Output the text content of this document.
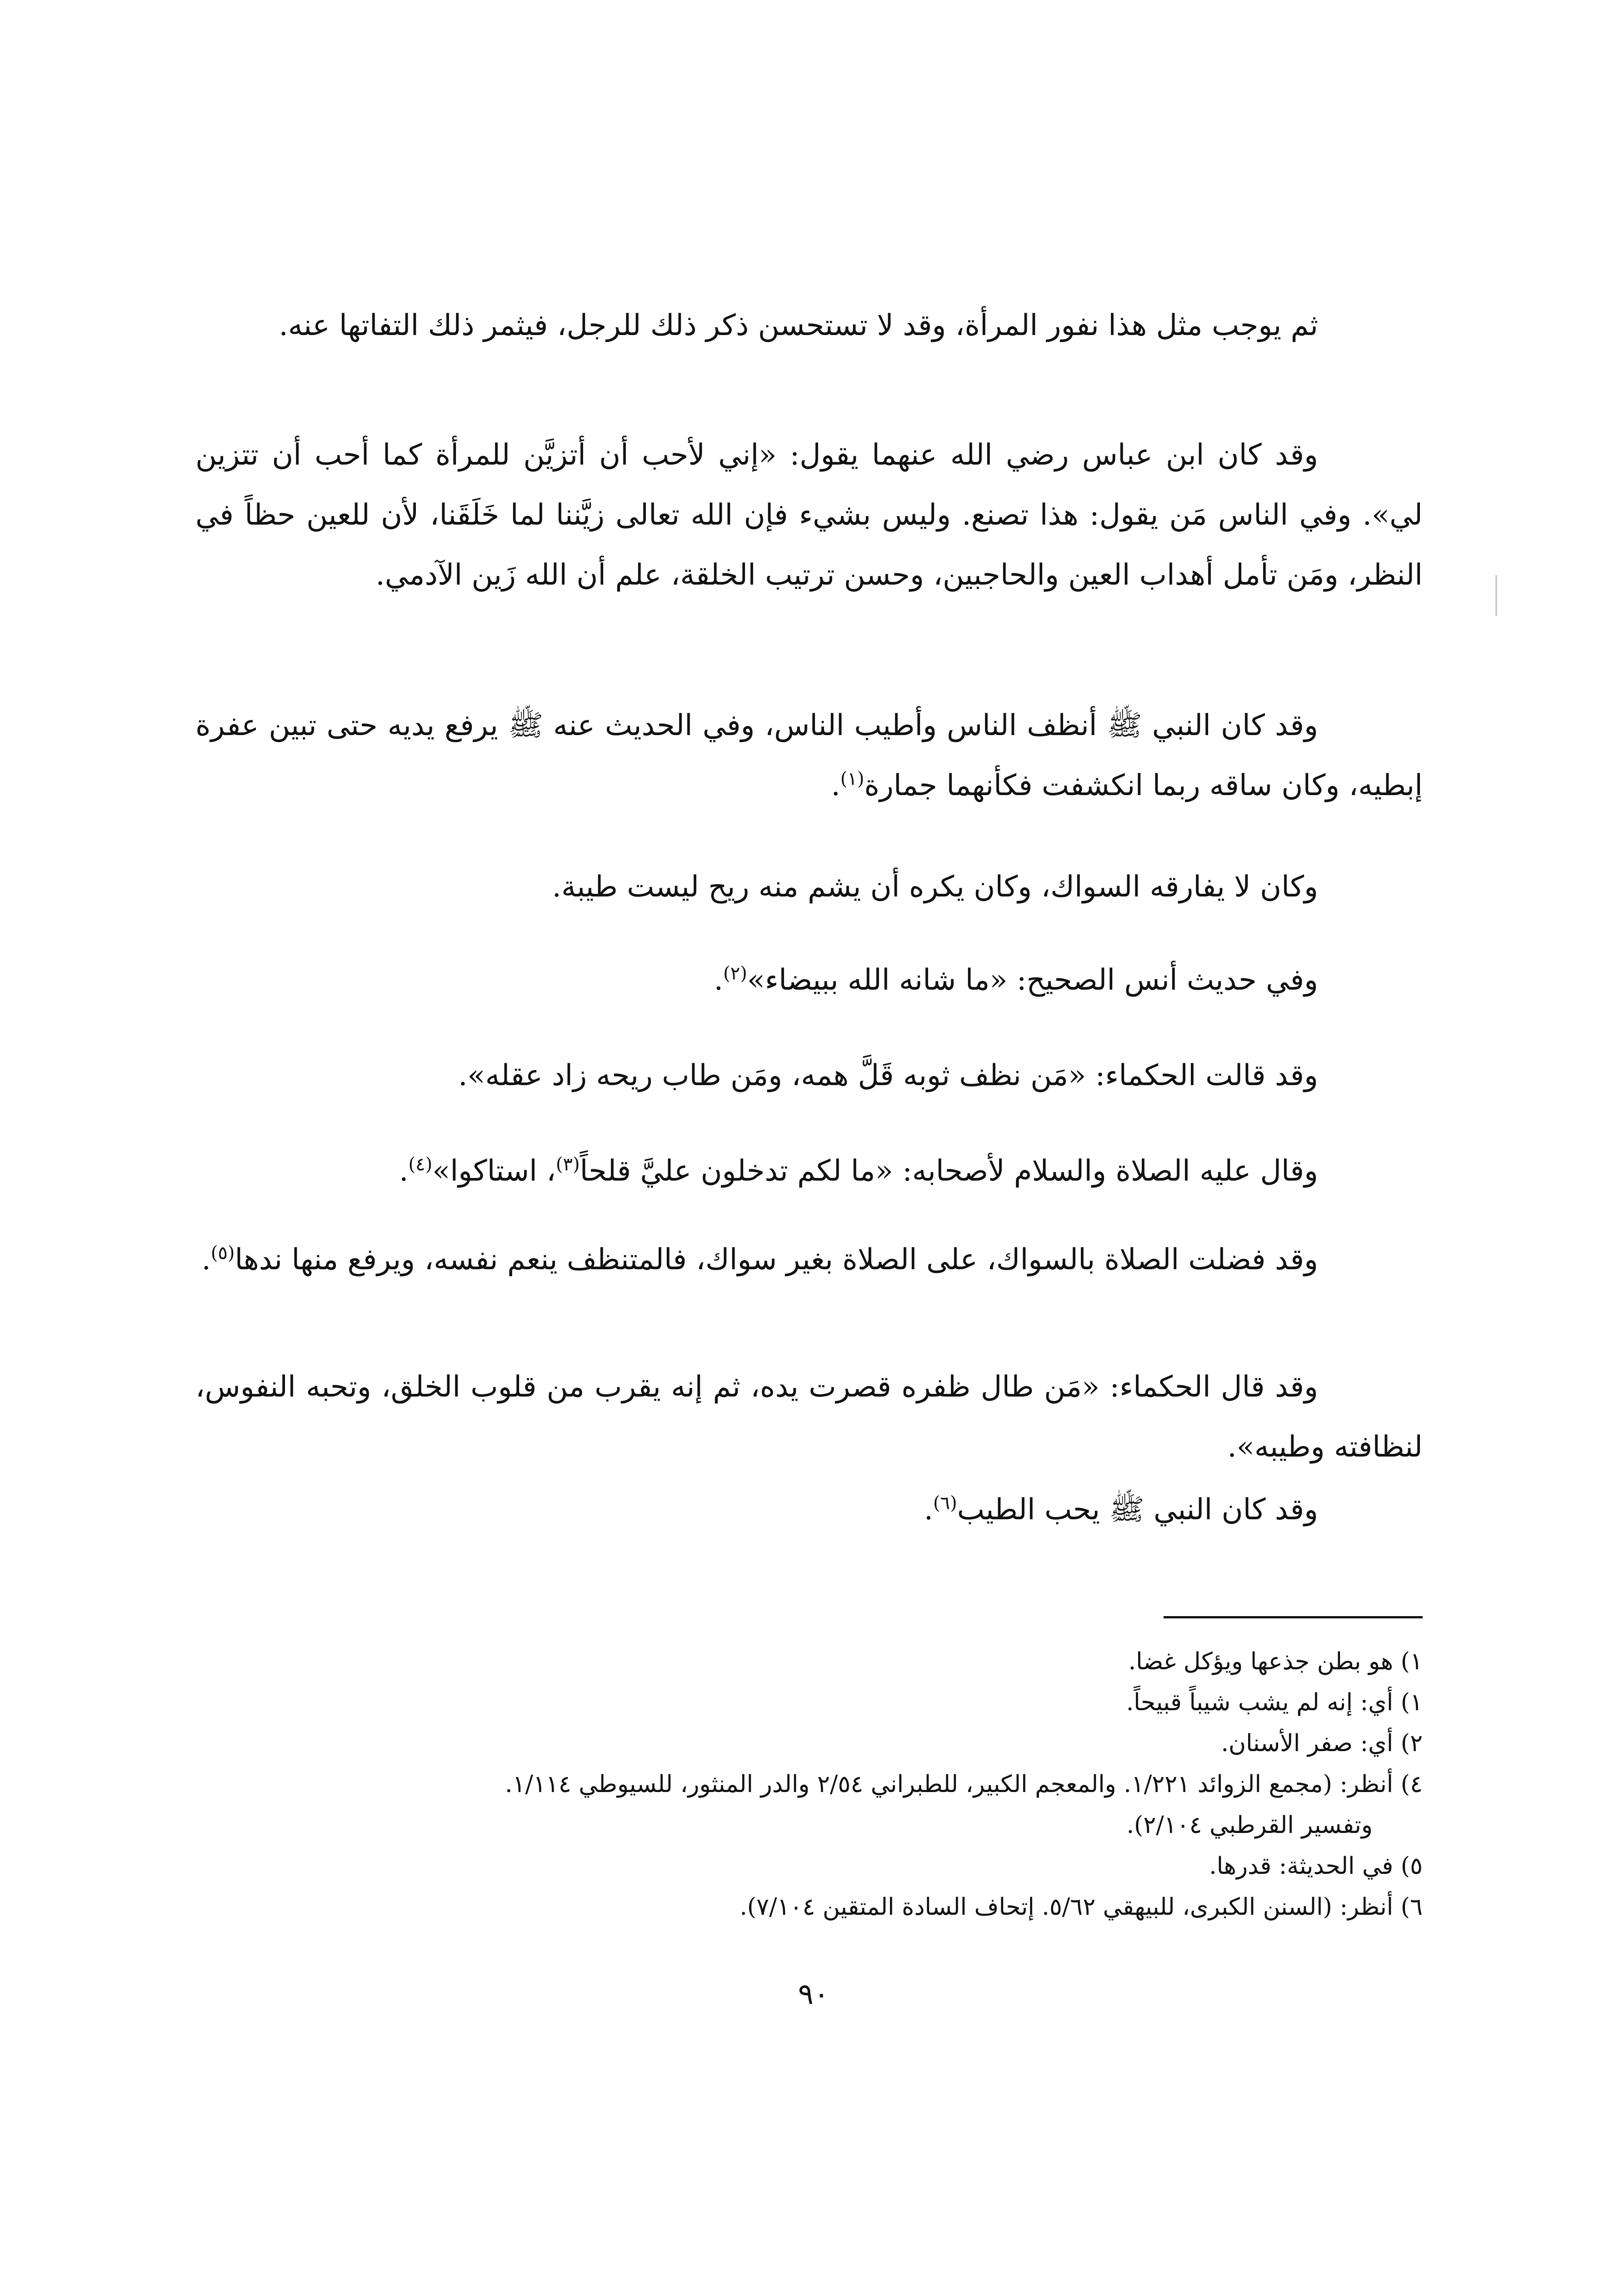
ثم يوجب مثل هذا نفور المرأة، وقد لا تستحسن ذكر ذلك للرجل، فيثمر ذلك التفاتها عنه.

وقد كان ابن عباس رضي الله عنهما يقول: «إني لأحب أن أتزيَّن للمرأة كما أحب أن تتزين لي». وفي الناس مَن يقول: هذا تصنع. وليس بشيء فإن الله تعالى زيَّننا لما خَلَقَنا، لأن للعين حظاً في النظر، ومَن تأمل أهداب العين والحاجبين، وحسن ترتيب الخلقة، علم أن الله زَين الآدمي.

وقد كان النبي ﷺ أنظف الناس وأطيب الناس، وفي الحديث عنه ﷺ يرفع يديه حتى تبين عفرة إبطيه، وكان ساقه ربما انكشفت فكأنهما جمارة$^{(١)}$.

وكان لا يفارقه السواك، وكان يكره أن يشم منه ريح ليست طيبة.

وفي حديث أنس الصحيح: «ما شانه الله ببيضاء»$^{(٢)}$.

وقد قالت الحكماء: «مَن نظف ثوبه قَلَّ همه، ومَن طاب ريحه زاد عقله».

وقال عليه الصلاة والسلام لأصحابه: «ما لكم تدخلون عليَّ قلحاً$^{(٣)}$، استاكوا»$^{(٤)}$.

وقد فضلت الصلاة بالسواك، على الصلاة بغير سواك، فالمتنظف ينعم نفسه، ويرفع منها ندها$^{(٥)}$.

وقد قال الحكماء: «مَن طال ظفره قصرت يده، ثم إنه يقرب من قلوب الخلق، وتحبه النفوس، لنظافته وطيبه».

وقد كان النبي ﷺ يحب الطيب$^{(٦)}$.

١) هو بطن جذعها ويؤكل غضا.

١) أي: إنه لم يشب شيباً قبيحاً.

٢) أي: صفر الأسنان.

٤) أنظر: (مجمع الزوائد ١/٢٢١. والمعجم الكبير، للطبراني ٢/٥٤ والدر المنثور، للسيوطي ١/١١٤.

وتفسير القرطبي ٢/١٠٤).

٥) في الحديثة: قدرها.

٦) أنظر: (السنن الكبرى، للبيهقي ٥/٦٢. إتحاف السادة المتقين ٧/١٠٤).

٩٠
